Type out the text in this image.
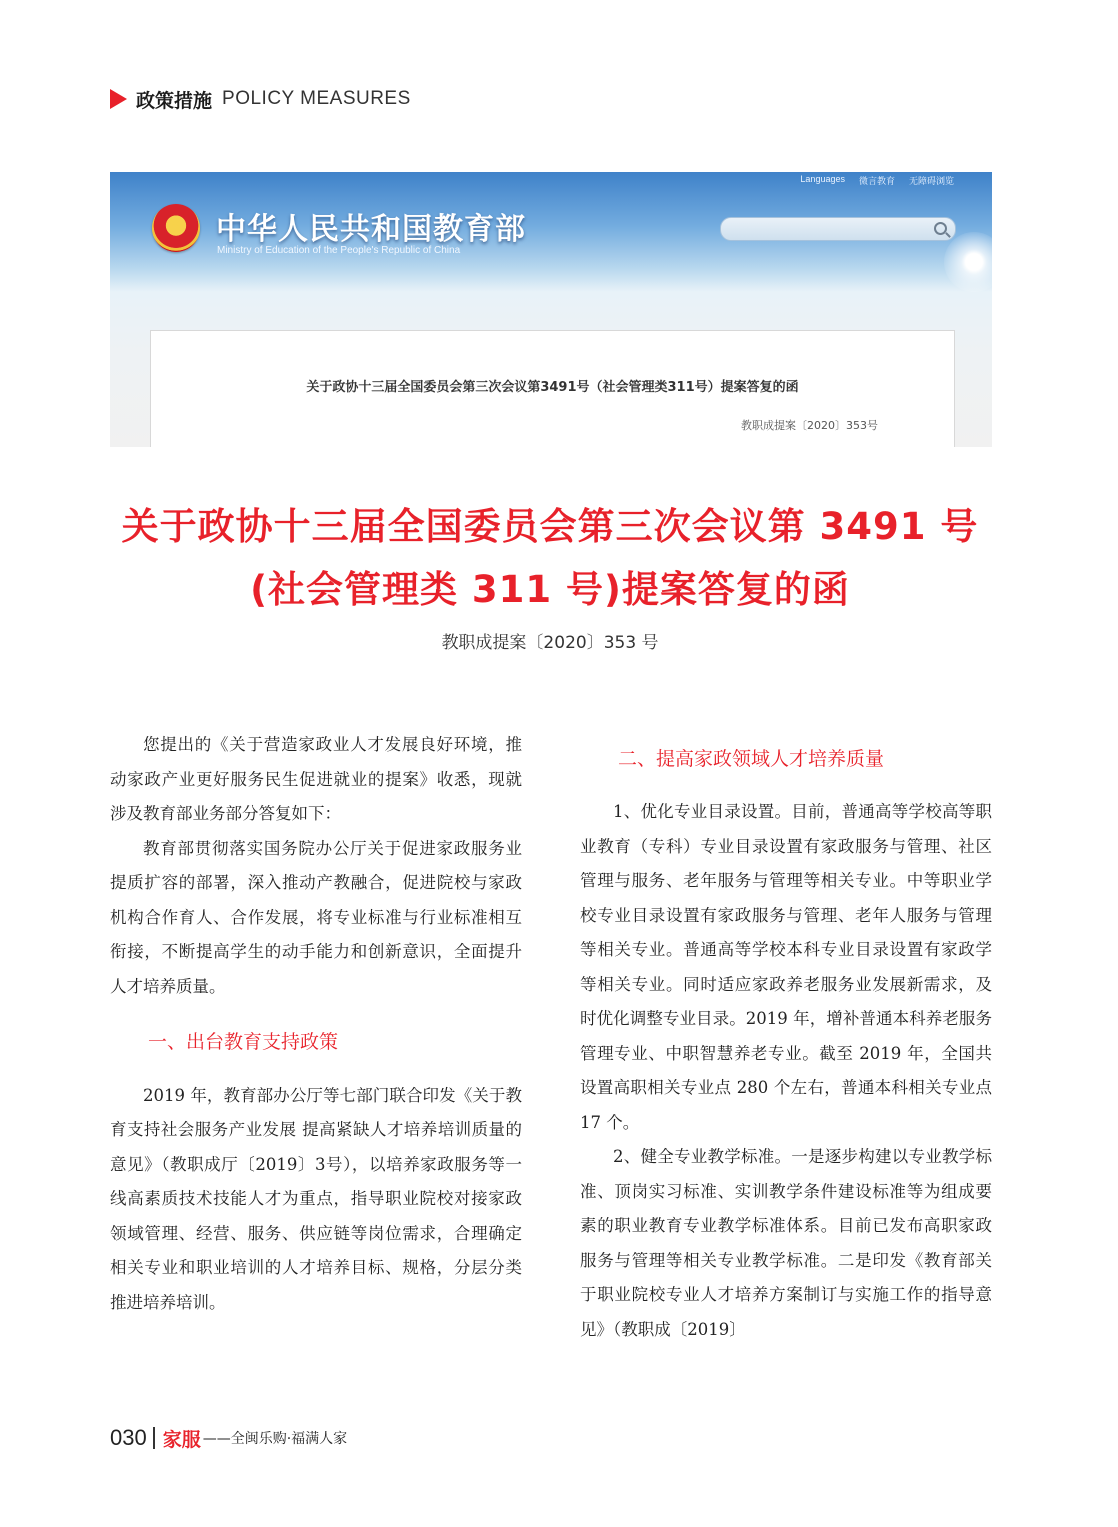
政策措施 POLICY MEASURES
Languages 微言教育 无障碍浏览
★ 中华人民共和国教育部
Ministry of Education of the People's Republic of China
关于政协十三届全国委员会第三次会议第3491号（社会管理类311号）提案答复的函
教职成提案〔2020〕353号
关于政协十三届全国委员会第三次会议第 3491 号
(社会管理类 311 号)提案答复的函
教职成提案〔2020〕353 号

您提出的《关于营造家政业人才发展良好环境，推动家政产业更好服务民生促进就业的提案》收悉，现就涉及教育部业务部分答复如下：

教育部贯彻落实国务院办公厅关于促进家政服务业提质扩容的部署，深入推动产教融合，促进院校与家政机构合作育人、合作发展，将专业标准与行业标准相互衔接，不断提高学生的动手能力和创新意识，全面提升人才培养质量。

一、出台教育支持政策

2019 年，教育部办公厅等七部门联合印发《关于教育支持社会服务产业发展 提高紧缺人才培养培训质量的意见》（教职成厅〔2019〕3号），以培养家政服务等一线高素质技术技能人才为重点，指导职业院校对接家政领域管理、经营、服务、供应链等岗位需求，合理确定相关专业和职业培训的人才培养目标、规格，分层分类推进培养培训。

二、提高家政领域人才培养质量

1、优化专业目录设置。目前，普通高等学校高等职业教育（专科）专业目录设置有家政服务与管理、社区管理与服务、老年服务与管理等相关专业。中等职业学校专业目录设置有家政服务与管理、老年人服务与管理等相关专业。普通高等学校本科专业目录设置有家政学等相关专业。同时适应家政养老服务业发展新需求，及时优化调整专业目录。2019 年，增补普通本科养老服务管理专业、中职智慧养老专业。截至 2019 年，全国共设置高职相关专业点 280 个左右，普通本科相关专业点 17 个。

2、健全专业教学标准。一是逐步构建以专业教学标准、顶岗实习标准、实训教学条件建设标准等为组成要素的职业教育专业教学标准体系。目前已发布高职家政服务与管理等相关专业教学标准。二是印发《教育部关于职业院校专业人才培养方案制订与实施工作的指导意见》（教职成〔2019〕

030 家服 ——全闽乐购·福满人家
